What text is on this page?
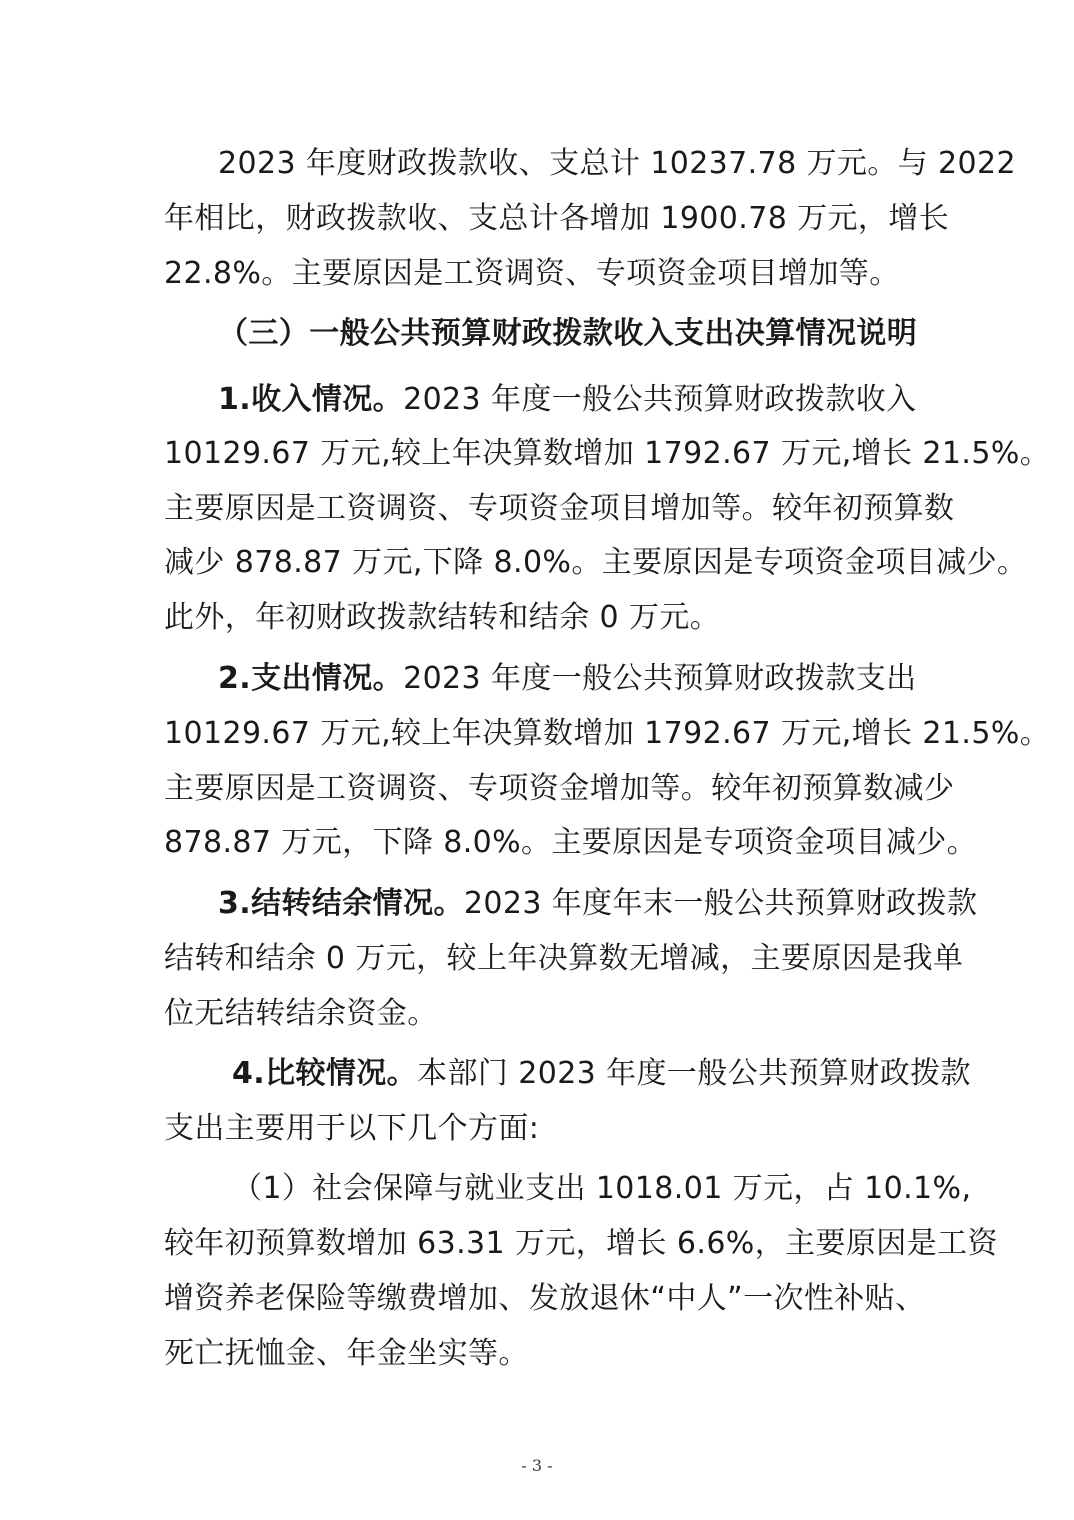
2023 年度财政拨款收、支总计 10237.78 万元。与 2022
年相比，财政拨款收、支总计各增加 1900.78 万元，增长
22.8%。主要原因是工资调资、专项资金项目增加等。
（三）一般公共预算财政拨款收入支出决算情况说明
1.收入情况。2023 年度一般公共预算财政拨款收入
10129.67 万元,较上年决算数增加 1792.67 万元,增长 21.5%。
主要原因是工资调资、专项资金项目增加等。较年初预算数
减少 878.87 万元,下降 8.0%。主要原因是专项资金项目减少。
此外，年初财政拨款结转和结余 0 万元。
2.支出情况。2023 年度一般公共预算财政拨款支出
10129.67 万元,较上年决算数增加 1792.67 万元,增长 21.5%。
主要原因是工资调资、专项资金增加等。较年初预算数减少
878.87 万元，下降 8.0%。主要原因是专项资金项目减少。
3.结转结余情况。2023 年度年末一般公共预算财政拨款
结转和结余 0 万元，较上年决算数无增减，主要原因是我单
位无结转结余资金。
4.比较情况。本部门 2023 年度一般公共预算财政拨款
支出主要用于以下几个方面:
（1）社会保障与就业支出 1018.01 万元，占 10.1%,
较年初预算数增加 63.31 万元，增长 6.6%，主要原因是工资
增资养老保险等缴费增加、发放退休“中人”一次性补贴、
死亡抚恤金、年金坐实等。
- 3 -
